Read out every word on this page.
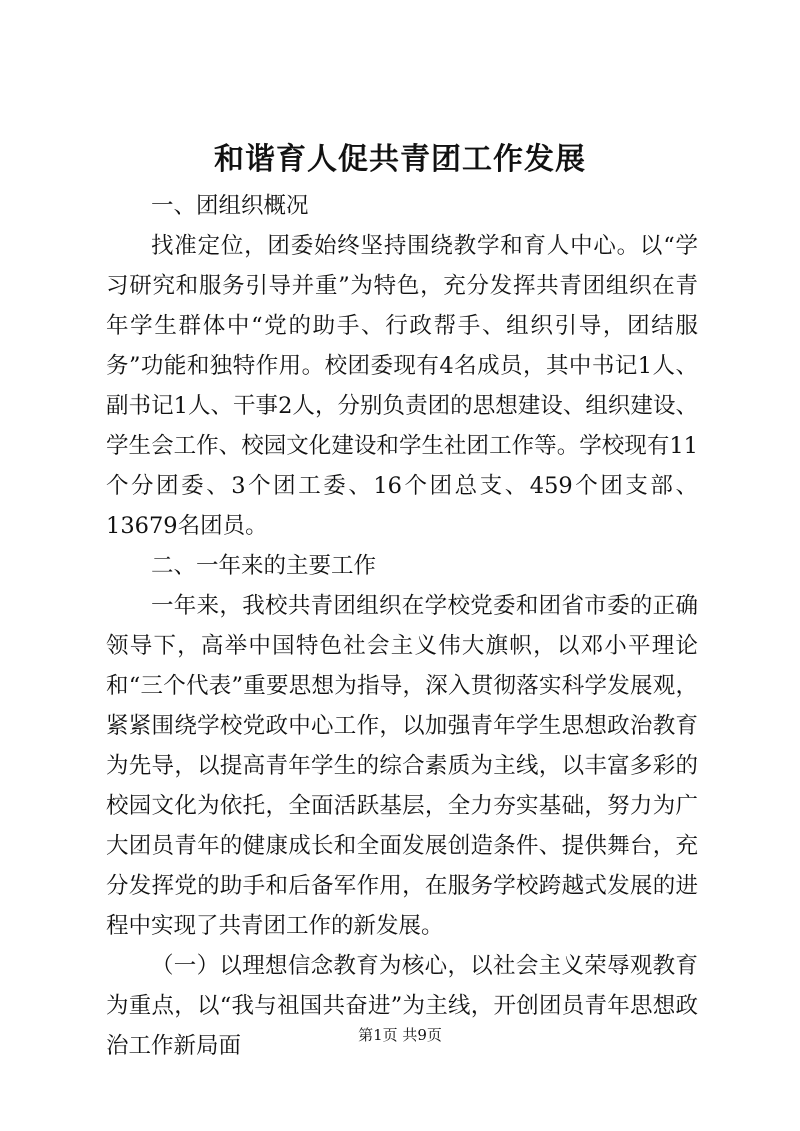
和谐育人促共青团工作发展

一、团组织概况

找准定位，团委始终坚持围绕教学和育人中心。以“学习研究和服务引导并重”为特色，充分发挥共青团组织在青年学生群体中“党的助手、行政帮手、组织引导，团结服务”功能和独特作用。校团委现有4名成员，其中书记1人、副书记1人、干事2人，分别负责团的思想建设、组织建设、学生会工作、校园文化建设和学生社团工作等。学校现有11个分团委、3个团工委、16个团总支、459个团支部、13679名团员。

二、一年来的主要工作

一年来，我校共青团组织在学校党委和团省市委的正确领导下，高举中国特色社会主义伟大旗帜，以邓小平理论和“三个代表”重要思想为指导，深入贯彻落实科学发展观，紧紧围绕学校党政中心工作，以加强青年学生思想政治教育为先导，以提高青年学生的综合素质为主线，以丰富多彩的校园文化为依托，全面活跃基层，全力夯实基础，努力为广大团员青年的健康成长和全面发展创造条件、提供舞台，充分发挥党的助手和后备军作用，在服务学校跨越式发展的进程中实现了共青团工作的新发展。

（一）以理想信念教育为核心，以社会主义荣辱观教育为重点，以“我与祖国共奋进”为主线，开创团员青年思想政治工作新局面	第1页 共9页
